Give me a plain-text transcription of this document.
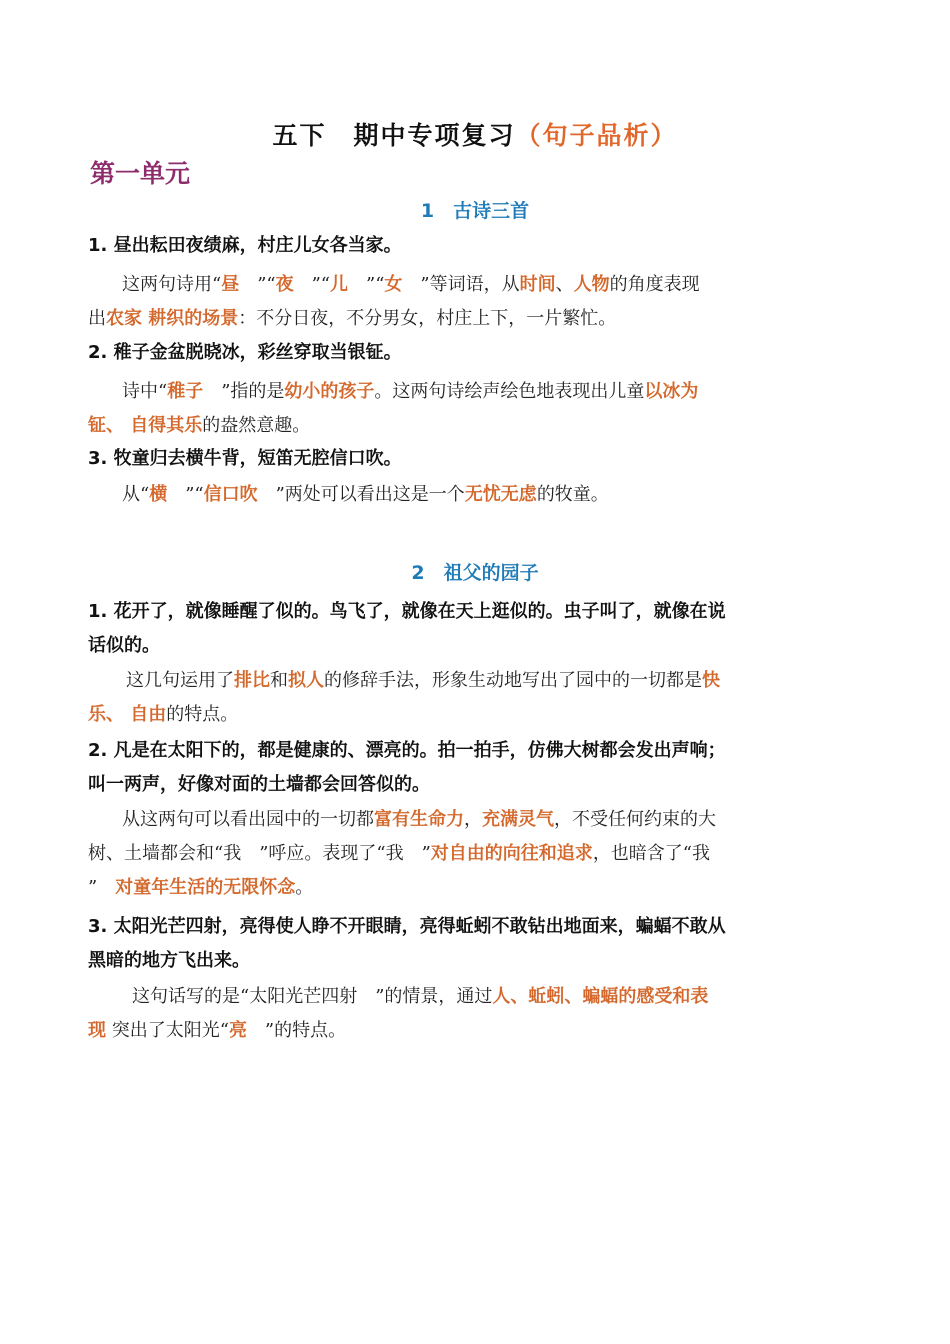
五下　期中专项复习（句子品析）
第一单元
1　古诗三首
1. 昼出耘田夜绩麻，村庄儿女各当家。
这两句诗用“昼　”“夜　”“儿　”“女　”等词语，从时间、人物的角度表现
出农家 耕织的场景：不分日夜，不分男女，村庄上下，一片繁忙。
2. 稚子金盆脱晓冰，彩丝穿取当银钲。
诗中“稚子　”指的是幼小的孩子。这两句诗绘声绘色地表现出儿童以冰为
钲、 自得其乐的盎然意趣。
3. 牧童归去横牛背，短笛无腔信口吹。
从“横　”“信口吹　”两处可以看出这是一个无忧无虑的牧童。
2　祖父的园子
1. 花开了，就像睡醒了似的。鸟飞了，就像在天上逛似的。虫子叫了，就像在说
话似的。
这几句运用了排比和拟人的修辞手法，形象生动地写出了园中的一切都是快
乐、 自由的特点。
2. 凡是在太阳下的，都是健康的、漂亮的。拍一拍手，仿佛大树都会发出声响；
叫一两声，好像对面的土墙都会回答似的。
从这两句可以看出园中的一切都富有生命力，充满灵气，不受任何约束的大
树、土墙都会和“我　”呼应。表现了“我　”对自由的向往和追求，也暗含了“我
”　对童年生活的无限怀念。
3. 太阳光芒四射，亮得使人睁不开眼睛，亮得蚯蚓不敢钻出地面来，蝙蝠不敢从
黑暗的地方飞出来。
这句话写的是“太阳光芒四射　”的情景，通过人、蚯蚓、蝙蝠的感受和表
现 突出了太阳光“亮　”的特点。
